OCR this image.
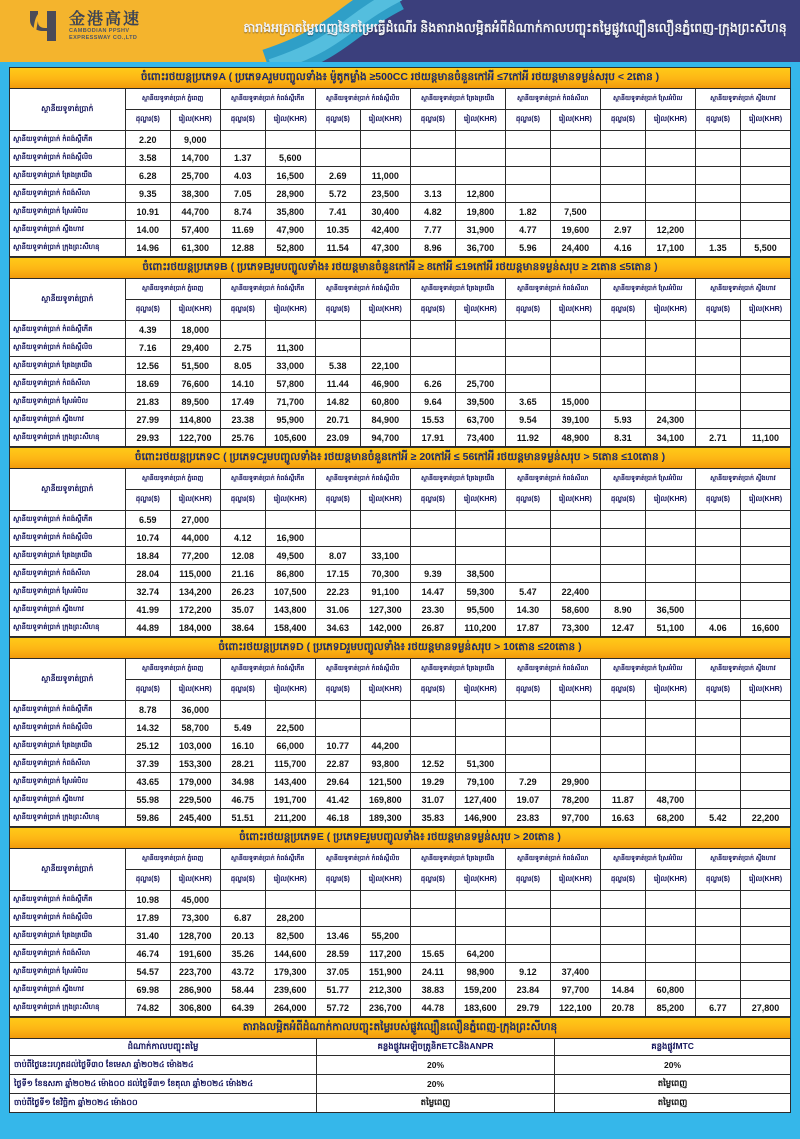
金港高速
CAMBODIAN PPSHV
EXPRESSWAY CO.,LTD
តារាងអត្រាតម្លៃពេញនៃកម្រៃធ្វើដំណើរ និងតារាងលម្អិតអំពីដំណាក់កាលបញ្ចុះតម្លៃផ្លូវល្បឿនលឿនភ្នំពេញ-ក្រុងព្រះសីហនុ
ចំពោះរថយន្តប្រភេទA ( ប្រភេទAរួមបញ្ចូលទាំង៖ ម៉ូតូកម្លាំង ≥500CC រថយន្តមានចំនួនកៅអី ≤7កៅអី រថយន្តមានទម្ងន់សរុប < 2តោន )
ស្ថានីយទូទាត់ប្រាក់	ស្ថានីយទូទាត់ប្រាក់ ភ្នំពេញ		ស្ថានីយទូទាត់ប្រាក់ កំពង់ស្ពឺកើត		ស្ថានីយទូទាត់ប្រាក់ កំពង់ស្ពឺលិច		ស្ថានីយទូទាត់ប្រាក់ ត្រែងត្រយឹង		ស្ថានីយទូទាត់ប្រាក់ កំពង់សីលា		ស្ថានីយទូទាត់ប្រាក់ ស្រែអំបិល		ស្ថានីយទូទាត់ប្រាក់ ស្ទឹងហាវ	
	ដុល្លារ($)	រៀល(KHR)	ដុល្លារ($)	រៀល(KHR)	ដុល្លារ($)	រៀល(KHR)	ដុល្លារ($)	រៀល(KHR)	ដុល្លារ($)	រៀល(KHR)	ដុល្លារ($)	រៀល(KHR)	ដុល្លារ($)	រៀល(KHR)
ស្ថានីយទូទាត់ប្រាក់ កំពង់ស្ពឺកើត	2.20	9,000												
ស្ថានីយទូទាត់ប្រាក់ កំពង់ស្ពឺលិច	3.58	14,700	1.37	5,600										
ស្ថានីយទូទាត់ប្រាក់ ត្រែងត្រយឹង	6.28	25,700	4.03	16,500	2.69	11,000								
ស្ថានីយទូទាត់ប្រាក់ កំពង់សីលា	9.35	38,300	7.05	28,900	5.72	23,500	3.13	12,800						
ស្ថានីយទូទាត់ប្រាក់ ស្រែអំបិល	10.91	44,700	8.74	35,800	7.41	30,400	4.82	19,800	1.82	7,500				
ស្ថានីយទូទាត់ប្រាក់ ស្ទឹងហាវ	14.00	57,400	11.69	47,900	10.35	42,400	7.77	31,900	4.77	19,600	2.97	12,200		
ស្ថានីយទូទាត់ប្រាក់ ក្រុងព្រះសីហនុ	14.96	61,300	12.88	52,800	11.54	47,300	8.96	36,700	5.96	24,400	4.16	17,100	1.35	5,500
ចំពោះរថយន្តប្រភេទB ( ប្រភេទBរួមបញ្ចូលទាំង៖ រថយន្តមានចំនួនកៅអី ≥ 8កៅអី ≤19កៅអី រថយន្តមានទម្ងន់សរុប ≥ 2តោន ≤5តោន )
ស្ថានីយទូទាត់ប្រាក់	ស្ថានីយទូទាត់ប្រាក់ ភ្នំពេញ		ស្ថានីយទូទាត់ប្រាក់ កំពង់ស្ពឺកើត		ស្ថានីយទូទាត់ប្រាក់ កំពង់ស្ពឺលិច		ស្ថានីយទូទាត់ប្រាក់ ត្រែងត្រយឹង		ស្ថានីយទូទាត់ប្រាក់ កំពង់សីលា		ស្ថានីយទូទាត់ប្រាក់ ស្រែអំបិល		ស្ថានីយទូទាត់ប្រាក់ ស្ទឹងហាវ	
	ដុល្លារ($)	រៀល(KHR)	ដុល្លារ($)	រៀល(KHR)	ដុល្លារ($)	រៀល(KHR)	ដុល្លារ($)	រៀល(KHR)	ដុល្លារ($)	រៀល(KHR)	ដុល្លារ($)	រៀល(KHR)	ដុល្លារ($)	រៀល(KHR)
ស្ថានីយទូទាត់ប្រាក់ កំពង់ស្ពឺកើត	4.39	18,000												
ស្ថានីយទូទាត់ប្រាក់ កំពង់ស្ពឺលិច	7.16	29,400	2.75	11,300										
ស្ថានីយទូទាត់ប្រាក់ ត្រែងត្រយឹង	12.56	51,500	8.05	33,000	5.38	22,100								
ស្ថានីយទូទាត់ប្រាក់ កំពង់សីលា	18.69	76,600	14.10	57,800	11.44	46,900	6.26	25,700						
ស្ថានីយទូទាត់ប្រាក់ ស្រែអំបិល	21.83	89,500	17.49	71,700	14.82	60,800	9.64	39,500	3.65	15,000				
ស្ថានីយទូទាត់ប្រាក់ ស្ទឹងហាវ	27.99	114,800	23.38	95,900	20.71	84,900	15.53	63,700	9.54	39,100	5.93	24,300		
ស្ថានីយទូទាត់ប្រាក់ ក្រុងព្រះសីហនុ	29.93	122,700	25.76	105,600	23.09	94,700	17.91	73,400	11.92	48,900	8.31	34,100	2.71	11,100
ចំពោះរថយន្តប្រភេទC ( ប្រភេទCរួមបញ្ចូលទាំង៖ រថយន្តមានចំនួនកៅអី ≥ 20កៅអី ≤ 56កៅអី រថយន្តមានទម្ងន់សរុប > 5តោន ≤10តោន )
ស្ថានីយទូទាត់ប្រាក់	ស្ថានីយទូទាត់ប្រាក់ ភ្នំពេញ		ស្ថានីយទូទាត់ប្រាក់ កំពង់ស្ពឺកើត		ស្ថានីយទូទាត់ប្រាក់ កំពង់ស្ពឺលិច		ស្ថានីយទូទាត់ប្រាក់ ត្រែងត្រយឹង		ស្ថានីយទូទាត់ប្រាក់ កំពង់សីលា		ស្ថានីយទូទាត់ប្រាក់ ស្រែអំបិល		ស្ថានីយទូទាត់ប្រាក់ ស្ទឹងហាវ	
	ដុល្លារ($)	រៀល(KHR)	ដុល្លារ($)	រៀល(KHR)	ដុល្លារ($)	រៀល(KHR)	ដុល្លារ($)	រៀល(KHR)	ដុល្លារ($)	រៀល(KHR)	ដុល្លារ($)	រៀល(KHR)	ដុល្លារ($)	រៀល(KHR)
ស្ថានីយទូទាត់ប្រាក់ កំពង់ស្ពឺកើត	6.59	27,000												
ស្ថានីយទូទាត់ប្រាក់ កំពង់ស្ពឺលិច	10.74	44,000	4.12	16,900										
ស្ថានីយទូទាត់ប្រាក់ ត្រែងត្រយឹង	18.84	77,200	12.08	49,500	8.07	33,100								
ស្ថានីយទូទាត់ប្រាក់ កំពង់សីលា	28.04	115,000	21.16	86,800	17.15	70,300	9.39	38,500						
ស្ថានីយទូទាត់ប្រាក់ ស្រែអំបិល	32.74	134,200	26.23	107,500	22.23	91,100	14.47	59,300	5.47	22,400				
ស្ថានីយទូទាត់ប្រាក់ ស្ទឹងហាវ	41.99	172,200	35.07	143,800	31.06	127,300	23.30	95,500	14.30	58,600	8.90	36,500		
ស្ថានីយទូទាត់ប្រាក់ ក្រុងព្រះសីហនុ	44.89	184,000	38.64	158,400	34.63	142,000	26.87	110,200	17.87	73,300	12.47	51,100	4.06	16,600
ចំពោះរថយន្តប្រភេទD ( ប្រភេទDរួមបញ្ចូលទាំង៖ រថយន្តមានទម្ងន់សរុប > 10តោន ≤20តោន )
ស្ថានីយទូទាត់ប្រាក់	ស្ថានីយទូទាត់ប្រាក់ ភ្នំពេញ		ស្ថានីយទូទាត់ប្រាក់ កំពង់ស្ពឺកើត		ស្ថានីយទូទាត់ប្រាក់ កំពង់ស្ពឺលិច		ស្ថានីយទូទាត់ប្រាក់ ត្រែងត្រយឹង		ស្ថានីយទូទាត់ប្រាក់ កំពង់សីលា		ស្ថានីយទូទាត់ប្រាក់ ស្រែអំបិល		ស្ថានីយទូទាត់ប្រាក់ ស្ទឹងហាវ	
	ដុល្លារ($)	រៀល(KHR)	ដុល្លារ($)	រៀល(KHR)	ដុល្លារ($)	រៀល(KHR)	ដុល្លារ($)	រៀល(KHR)	ដុល្លារ($)	រៀល(KHR)	ដុល្លារ($)	រៀល(KHR)	ដុល្លារ($)	រៀល(KHR)
ស្ថានីយទូទាត់ប្រាក់ កំពង់ស្ពឺកើត	8.78	36,000												
ស្ថានីយទូទាត់ប្រាក់ កំពង់ស្ពឺលិច	14.32	58,700	5.49	22,500										
ស្ថានីយទូទាត់ប្រាក់ ត្រែងត្រយឹង	25.12	103,000	16.10	66,000	10.77	44,200								
ស្ថានីយទូទាត់ប្រាក់ កំពង់សីលា	37.39	153,300	28.21	115,700	22.87	93,800	12.52	51,300						
ស្ថានីយទូទាត់ប្រាក់ ស្រែអំបិល	43.65	179,000	34.98	143,400	29.64	121,500	19.29	79,100	7.29	29,900				
ស្ថានីយទូទាត់ប្រាក់ ស្ទឹងហាវ	55.98	229,500	46.75	191,700	41.42	169,800	31.07	127,400	19.07	78,200	11.87	48,700		
ស្ថានីយទូទាត់ប្រាក់ ក្រុងព្រះសីហនុ	59.86	245,400	51.51	211,200	46.18	189,300	35.83	146,900	23.83	97,700	16.63	68,200	5.42	22,200
ចំពោះរថយន្តប្រភេទE ( ប្រភេទEរួមបញ្ចូលទាំង៖ រថយន្តមានទម្ងន់សរុប > 20តោន )
ស្ថានីយទូទាត់ប្រាក់	ស្ថានីយទូទាត់ប្រាក់ ភ្នំពេញ		ស្ថានីយទូទាត់ប្រាក់ កំពង់ស្ពឺកើត		ស្ថានីយទូទាត់ប្រាក់ កំពង់ស្ពឺលិច		ស្ថានីយទូទាត់ប្រាក់ ត្រែងត្រយឹង		ស្ថានីយទូទាត់ប្រាក់ កំពង់សីលា		ស្ថានីយទូទាត់ប្រាក់ ស្រែអំបិល		ស្ថានីយទូទាត់ប្រាក់ ស្ទឹងហាវ	
	ដុល្លារ($)	រៀល(KHR)	ដុល្លារ($)	រៀល(KHR)	ដុល្លារ($)	រៀល(KHR)	ដុល្លារ($)	រៀល(KHR)	ដុល្លារ($)	រៀល(KHR)	ដុល្លារ($)	រៀល(KHR)	ដុល្លារ($)	រៀល(KHR)
ស្ថានីយទូទាត់ប្រាក់ កំពង់ស្ពឺកើត	10.98	45,000												
ស្ថានីយទូទាត់ប្រាក់ កំពង់ស្ពឺលិច	17.89	73,300	6.87	28,200										
ស្ថានីយទូទាត់ប្រាក់ ត្រែងត្រយឹង	31.40	128,700	20.13	82,500	13.46	55,200								
ស្ថានីយទូទាត់ប្រាក់ កំពង់សីលា	46.74	191,600	35.26	144,600	28.59	117,200	15.65	64,200						
ស្ថានីយទូទាត់ប្រាក់ ស្រែអំបិល	54.57	223,700	43.72	179,300	37.05	151,900	24.11	98,900	9.12	37,400				
ស្ថានីយទូទាត់ប្រាក់ ស្ទឹងហាវ	69.98	286,900	58.44	239,600	51.77	212,300	38.83	159,200	23.84	97,700	14.84	60,800		
ស្ថានីយទូទាត់ប្រាក់ ក្រុងព្រះសីហនុ	74.82	306,800	64.39	264,000	57.72	236,700	44.78	183,600	29.79	122,100	20.78	85,200	6.77	27,800
តារាងលម្អិតអំពីដំណាក់កាលបញ្ចុះតម្លៃរបស់ផ្លូវល្បឿនលឿនភ្នំពេញ-ក្រុងព្រះសីហនុ
ដំណាក់កាលបញ្ចុះតម្លៃ	គន្លងផ្លូវអេឡិចត្រូនិកETCនិងANPR	គន្លងផ្លូវMTC
ចាប់ពីថ្ងៃនេះរហូតដល់ថ្ងៃទី៣០ ខែមេសា ឆ្នាំ២០២៤ ម៉ោង២៤	20%	20%
ថ្ងៃទី១ ខែឧសភា ឆ្នាំ២០២៤ ម៉ោង០០ ដល់ថ្ងៃទី៣១ ខែតុលា ឆ្នាំ២០២៤ ម៉ោង២៤	20%	តម្លៃពេញ
ចាប់ពីថ្ងៃទី១ ខែវិច្ឆិកា ឆ្នាំ២០២៤ ម៉ោង០០	តម្លៃពេញ	តម្លៃពេញ
